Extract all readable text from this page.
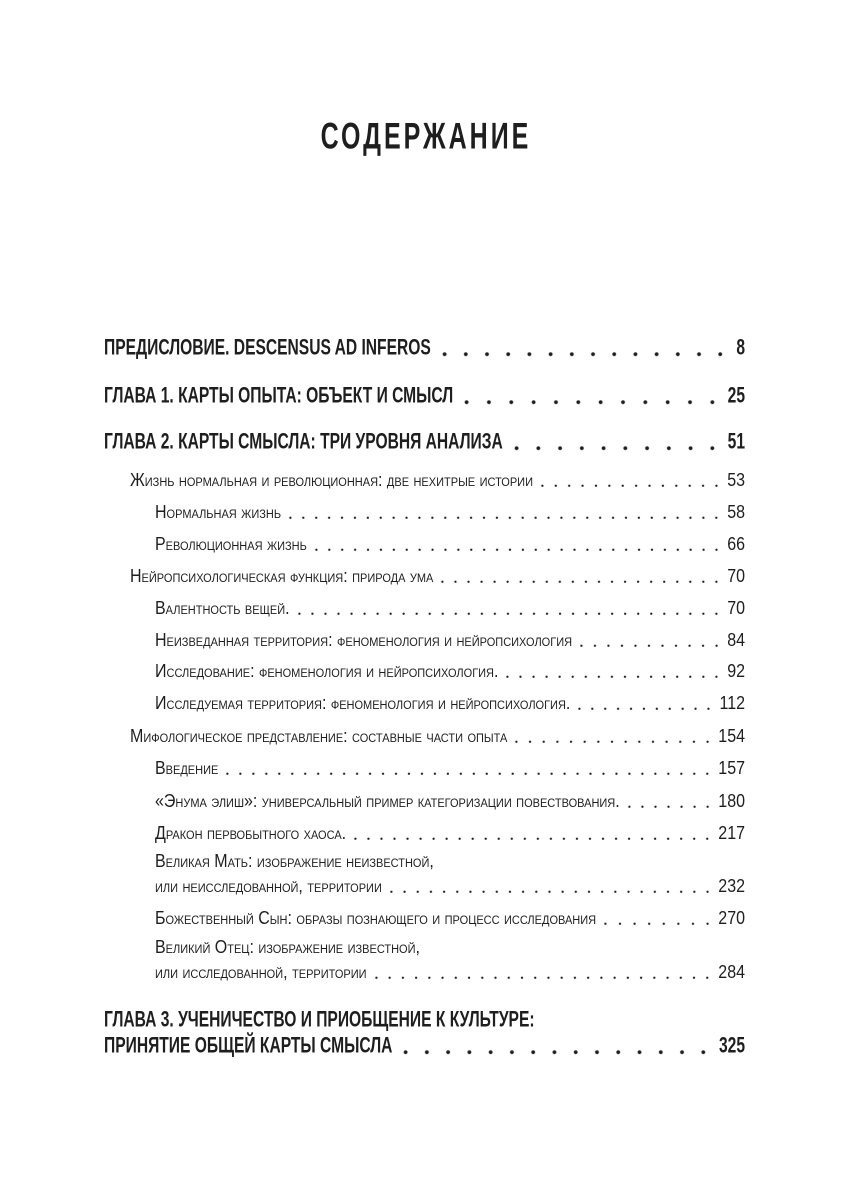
СОДЕРЖАНИЕ
ПРЕДИСЛОВИЕ. DESCENSUS AD INFEROS	8
ГЛАВА 1. КАРТЫ ОПЫТА: ОБЪЕКТ И СМЫСЛ	25
ГЛАВА 2. КАРТЫ СМЫСЛА: ТРИ УРОВНЯ АНАЛИЗА	51
Жизнь нормальная и революционная: две нехитрые истории	53
Нормальная жизнь	58
Революционная жизнь	66
Нейропсихологическая функция: природа ума	70
Валентность вещей.	70
Неизведанная территория: феноменология и нейропсихология	84
Исследование: феноменология и нейропсихология.	92
Исследуемая территория: феноменология и нейропсихология.	112
Мифологическое представление: составные части опыта	154
Введение	157
«Энума элиш»: универсальный пример категоризации повествования.	180
Дракон первобытного хаоса.	217
Великая Мать: изображение неизвестной,
или неисследованной, территории	232
Божественный Сын: образы познающего и процесс исследования	270
Великий Отец: изображение известной,
или исследованной, территории	284
ГЛАВА 3. УЧЕНИЧЕСТВО И ПРИОБЩЕНИЕ К КУЛЬТУРЕ:
ПРИНЯТИЕ ОБЩЕЙ КАРТЫ СМЫСЛА	325
